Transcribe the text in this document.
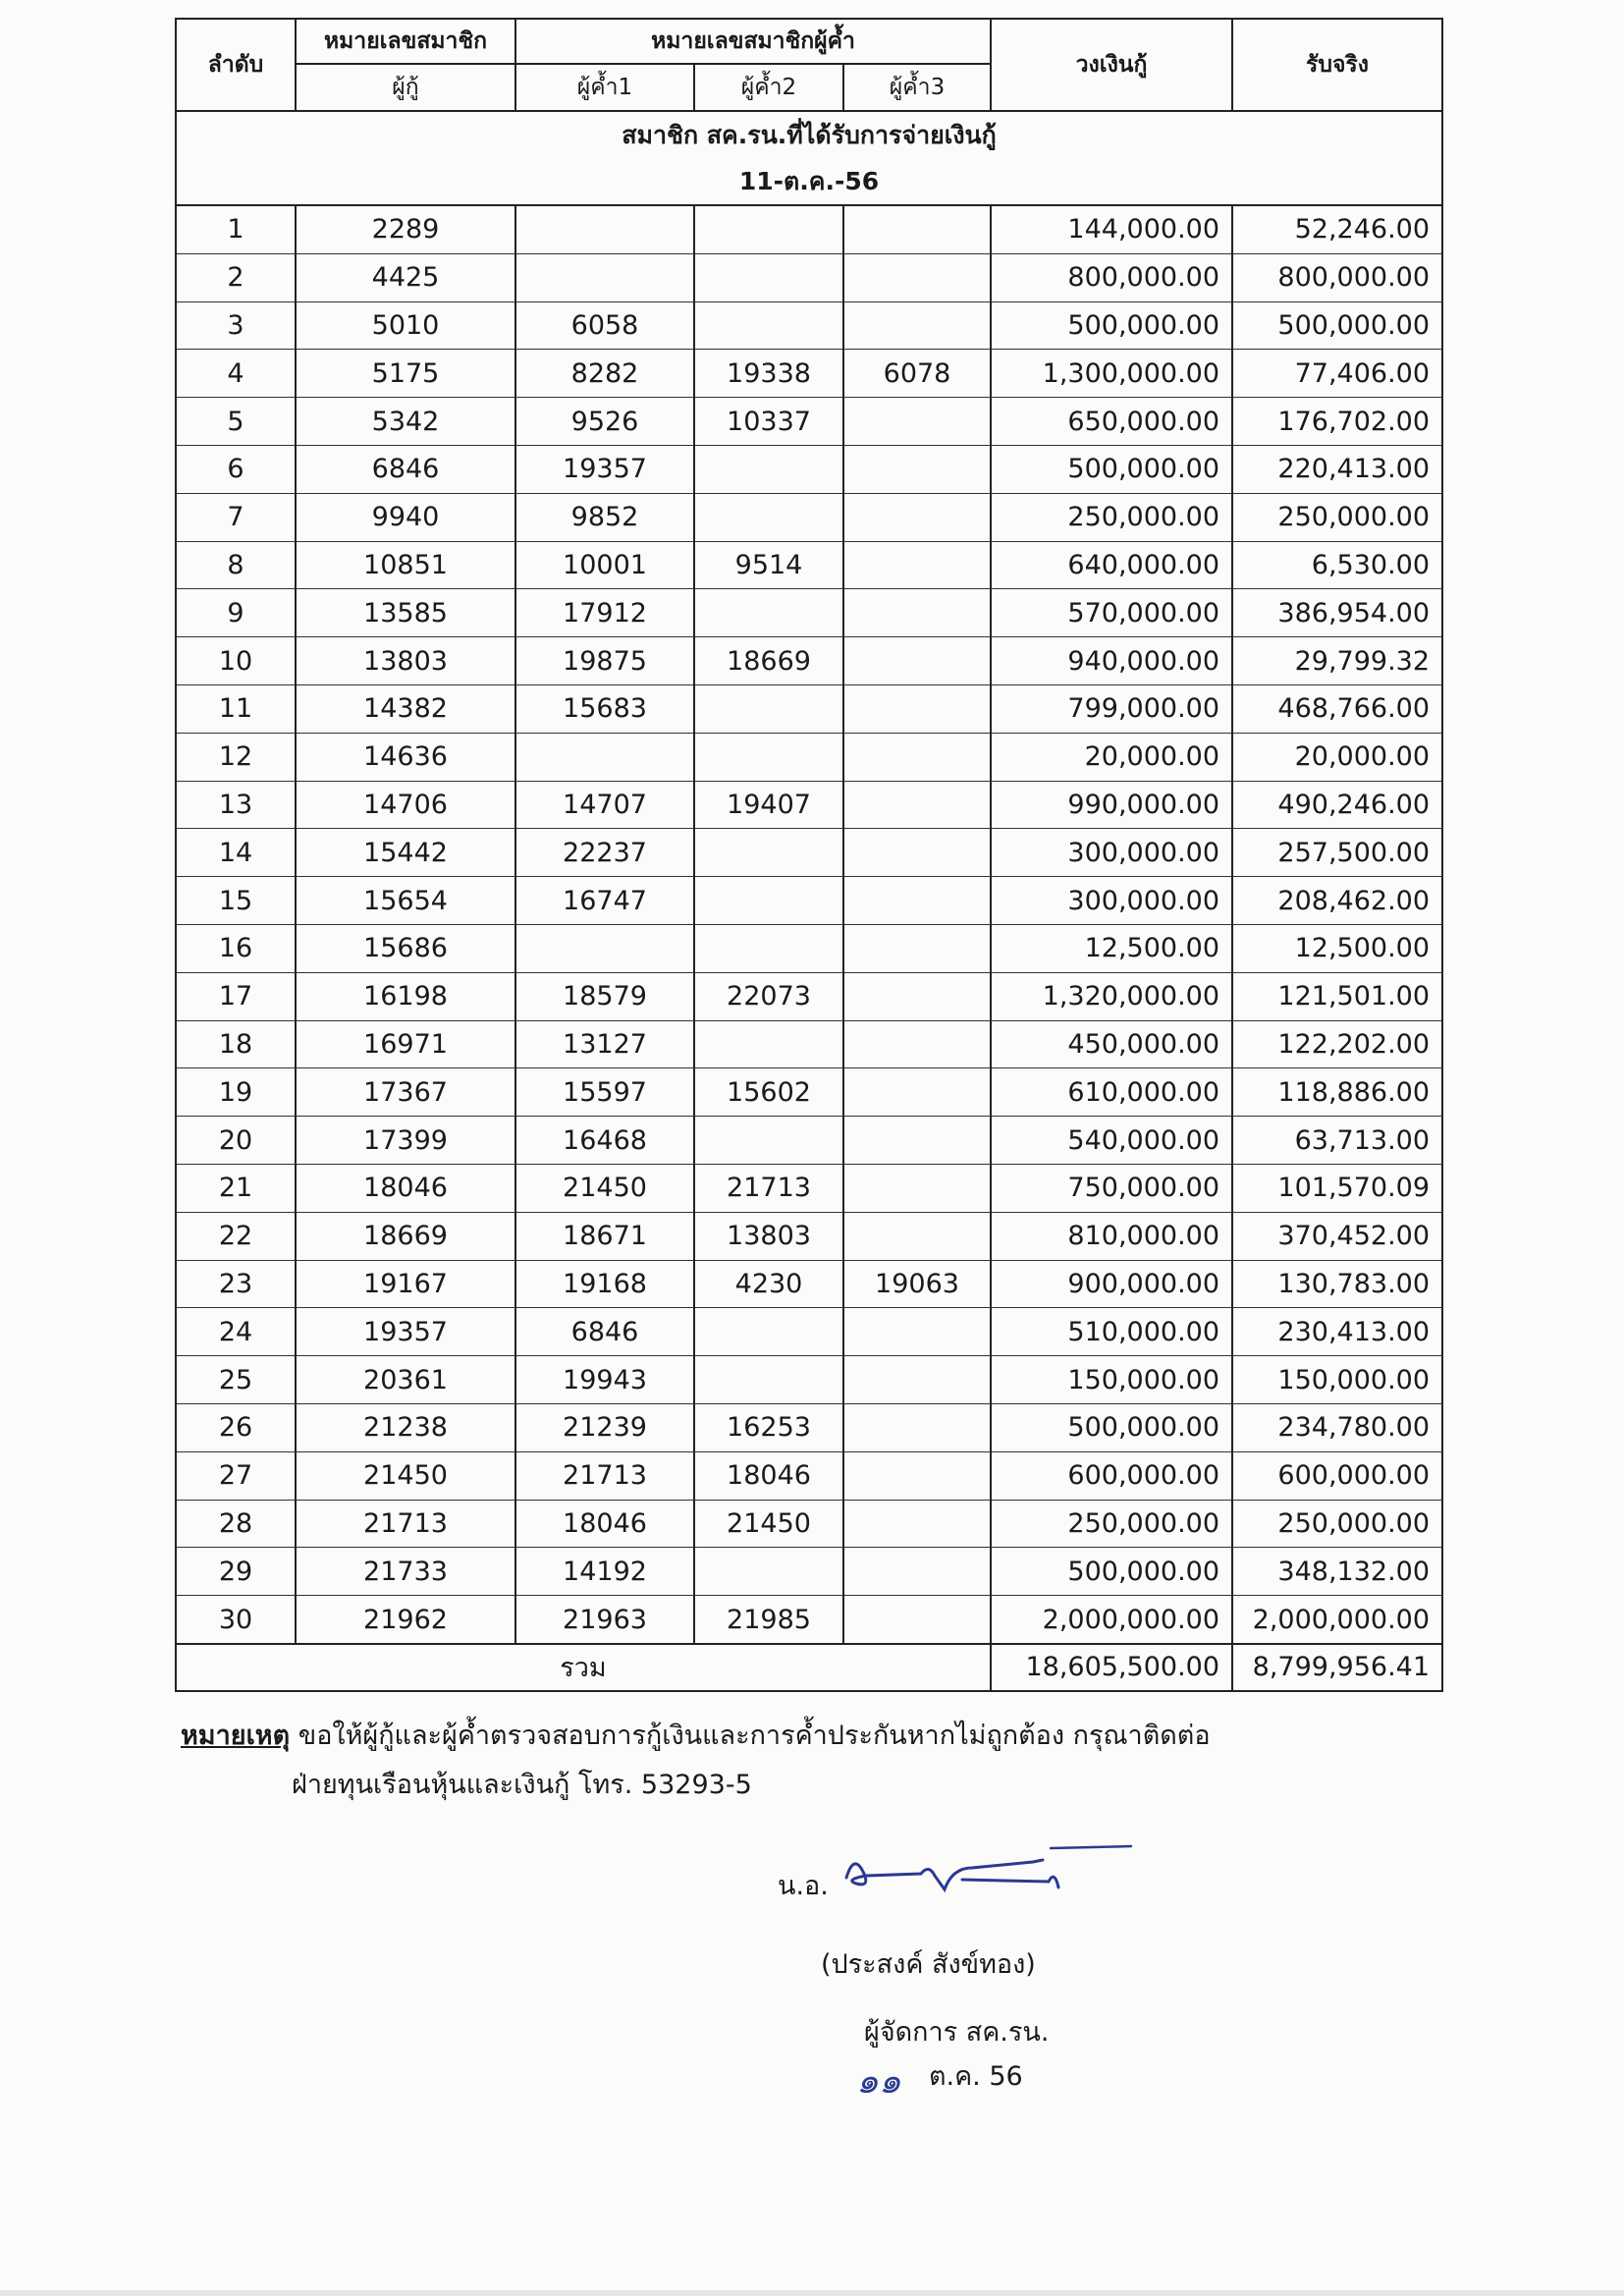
สมาชิก สค.รน.ที่ได้รับการจ่ายเงินกู้						
11-ต.ค.-56						
ลำดับ	หมายเลขสมาชิก	หมายเลขสมาชิกผู้ค้ำ			วงเงินกู้	รับจริง
	ผู้กู้	ผู้ค้ำ1	ผู้ค้ำ2	ผู้ค้ำ3		
1	2289				144,000.00	52,246.00
2	4425				800,000.00	800,000.00
3	5010	6058			500,000.00	500,000.00
4	5175	8282	19338	6078	1,300,000.00	77,406.00
5	5342	9526	10337		650,000.00	176,702.00
6	6846	19357			500,000.00	220,413.00
7	9940	9852			250,000.00	250,000.00
8	10851	10001	9514		640,000.00	6,530.00
9	13585	17912			570,000.00	386,954.00
10	13803	19875	18669		940,000.00	29,799.32
11	14382	15683			799,000.00	468,766.00
12	14636				20,000.00	20,000.00
13	14706	14707	19407		990,000.00	490,246.00
14	15442	22237			300,000.00	257,500.00
15	15654	16747			300,000.00	208,462.00
16	15686				12,500.00	12,500.00
17	16198	18579	22073		1,320,000.00	121,501.00
18	16971	13127			450,000.00	122,202.00
19	17367	15597	15602		610,000.00	118,886.00
20	17399	16468			540,000.00	63,713.00
21	18046	21450	21713		750,000.00	101,570.09
22	18669	18671	13803		810,000.00	370,452.00
23	19167	19168	4230	19063	900,000.00	130,783.00
24	19357	6846			510,000.00	230,413.00
25	20361	19943			150,000.00	150,000.00
26	21238	21239	16253		500,000.00	234,780.00
27	21450	21713	18046		600,000.00	600,000.00
28	21713	18046	21450		250,000.00	250,000.00
29	21733	14192			500,000.00	348,132.00
30	21962	21963	21985		2,000,000.00	2,000,000.00
รวม					18,605,500.00	8,799,956.41
หมายเหตุ ขอให้ผู้กู้และผู้ค้ำตรวจสอบการกู้เงินและการค้ำประกันหากไม่ถูกต้อง กรุณาติดต่อ
ฝ่ายทุนเรือนหุ้นและเงินกู้ โทร. 53293-5
น.อ.
(ประสงค์ สังข์ทอง)
ผู้จัดการ สค.รน.
๑๑ ต.ค. 56
